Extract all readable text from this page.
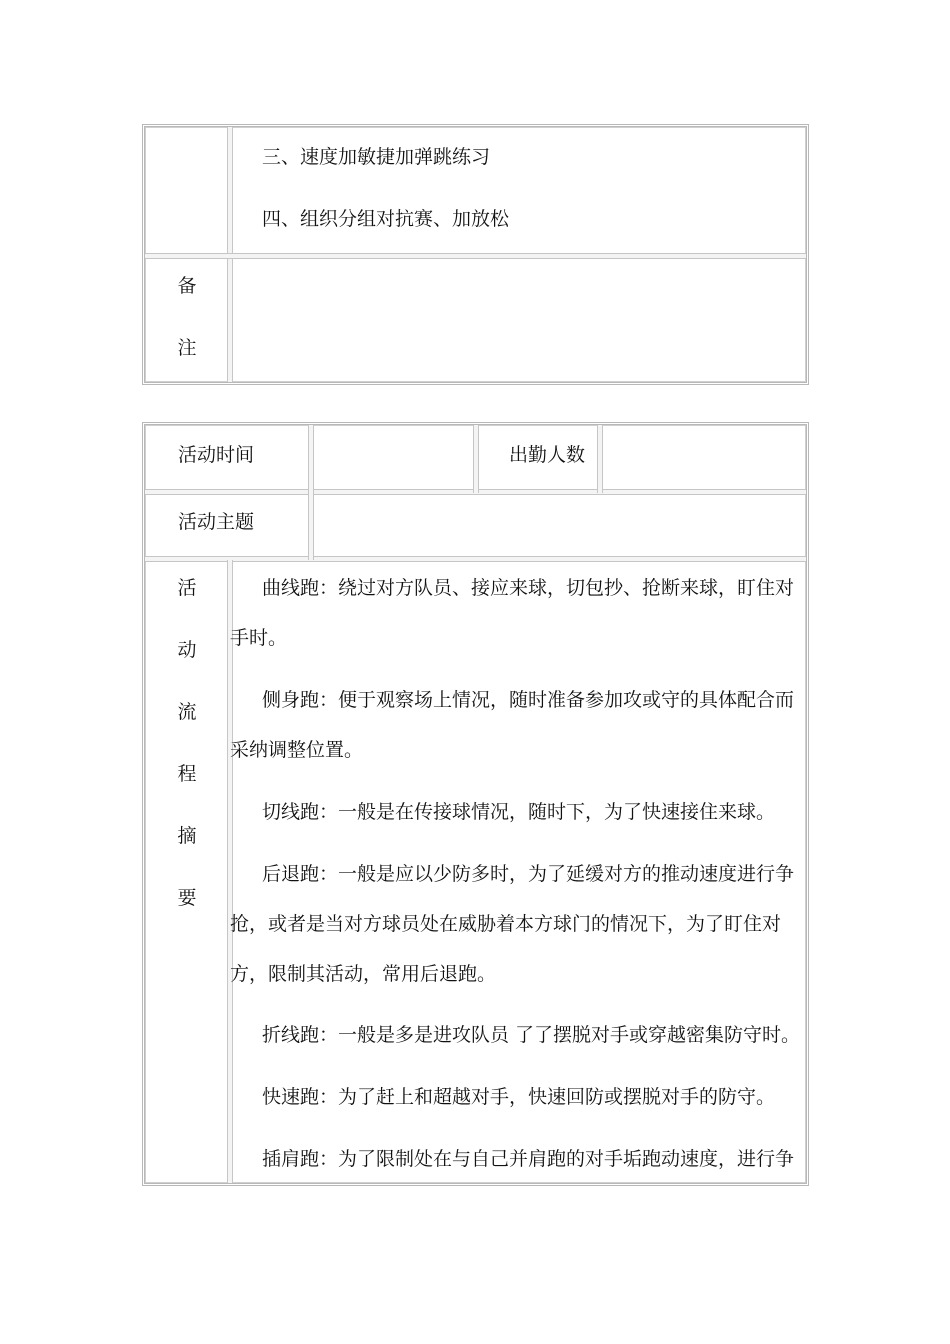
三、速度加敏捷加弹跳练习
四、组织分组对抗赛、加放松
备
注
活动时间	出勤人数
活动主题
活
动
流
程
摘
要
曲线跑：绕过对方队员、接应来球，切包抄、抢断来球，盯住对
手时。
侧身跑：便于观察场上情况，随时准备参加攻或守的具体配合而
采纳调整位置。
切线跑：一般是在传接球情况，随时下，为了快速接住来球。
后退跑：一般是应以少防多时，为了延缓对方的推动速度进行争
抢，或者是当对方球员处在威胁着本方球门的情况下，为了盯住对
方，限制其活动，常用后退跑。
折线跑：一般是多是进攻队员 了了摆脱对手或穿越密集防守时。
快速跑：为了赶上和超越对手，快速回防或摆脱对手的防守。
插肩跑：为了限制处在与自己并肩跑的对手垢跑动速度，进行争
